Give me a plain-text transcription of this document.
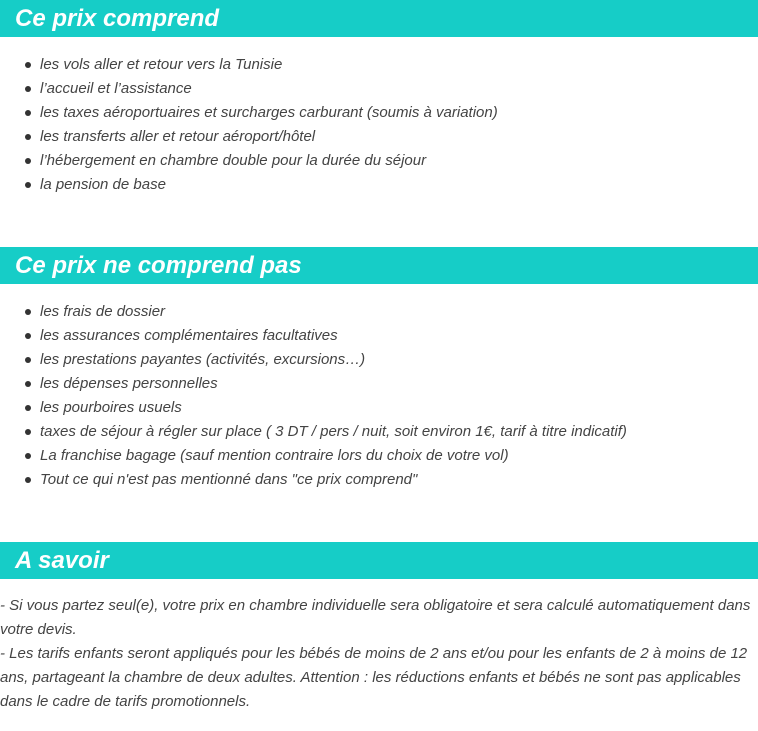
Ce prix comprend
les vols aller et retour vers la Tunisie
l’accueil et l’assistance
les taxes aéroportuaires et surcharges carburant (soumis à variation)
les transferts aller et retour aéroport/hôtel
l’hébergement en chambre double pour la durée du séjour
la pension de base
Ce prix ne comprend pas
les frais de dossier
les assurances complémentaires facultatives
les prestations payantes (activités, excursions…)
les dépenses personnelles
les pourboires usuels
taxes de séjour à régler sur place ( 3 DT / pers / nuit, soit environ 1€, tarif à titre indicatif)
La franchise bagage (sauf mention contraire lors du choix de votre vol)
Tout ce qui n'est pas mentionné dans "ce prix comprend"
A savoir

- Si vous partez seul(e), votre prix en chambre individuelle sera obligatoire et sera calculé automatiquement dans votre devis.

- Les tarifs enfants seront appliqués pour les bébés de moins de 2 ans et/ou pour les enfants de 2 à moins de 12 ans, partageant la chambre de deux adultes. Attention : les réductions enfants et bébés ne sont pas applicables dans le cadre de tarifs promotionnels.
